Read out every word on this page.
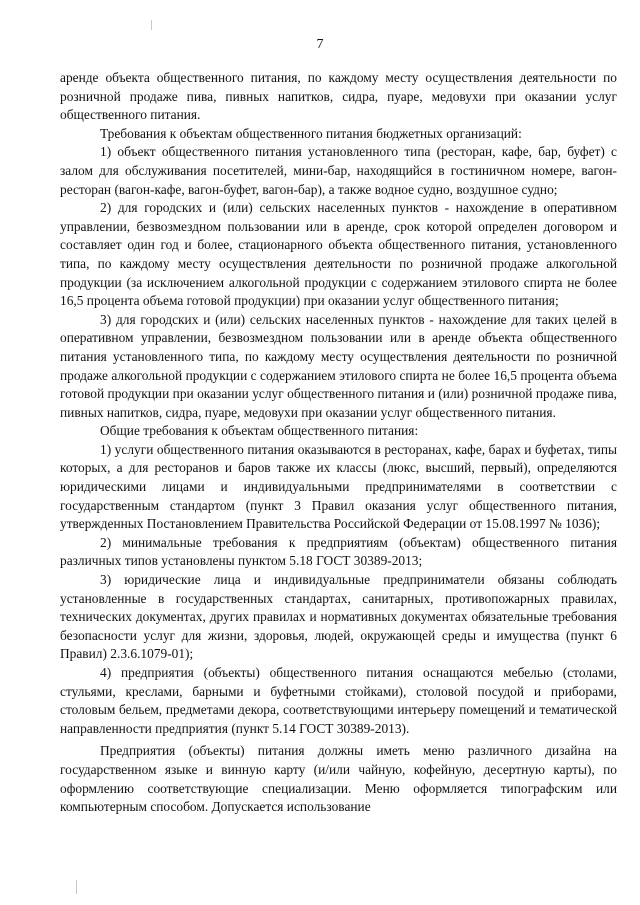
7

аренде объекта общественного питания, по каждому месту осуществления деятельности по розничной продаже пива, пивных напитков, сидра, пуаре, медовухи при оказании услуг общественного питания.

Требования к объектам общественного питания бюджетных организаций:

1) объект общественного питания установленного типа (ресторан, кафе, бар, буфет) с залом для обслуживания посетителей, мини-бар, находящийся в гостиничном номере, вагон-ресторан (вагон-кафе, вагон-буфет, вагон-бар), а также водное судно, воздушное судно;

2) для городских и (или) сельских населенных пунктов - нахождение в оперативном управлении, безвозмездном пользовании или в аренде, срок которой определен договором и составляет один год и более, стационарного объекта общественного питания, установленного типа, по каждому месту осуществления деятельности по розничной продаже алкогольной продукции (за исключением алкогольной продукции с содержанием этилового спирта не более 16,5 процента объема готовой продукции) при оказании услуг общественного питания;

3) для городских и (или) сельских населенных пунктов - нахождение для таких целей в оперативном управлении, безвозмездном пользовании или в аренде объекта общественного питания установленного типа, по каждому месту осуществления деятельности по розничной продаже алкогольной продукции с содержанием этилового спирта не более 16,5 процента объема готовой продукции при оказании услуг общественного питания и (или) розничной продаже пива, пивных напитков, сидра, пуаре, медовухи при оказании услуг общественного питания.

Общие требования к объектам общественного питания:

1) услуги общественного питания оказываются в ресторанах, кафе, барах и буфетах, типы которых, а для ресторанов и баров также их классы (люкс, высший, первый), определяются юридическими лицами и индивидуальными предпринимателями в соответствии с государственным стандартом (пункт 3 Правил оказания услуг общественного питания, утвержденных Постановлением Правительства Российской Федерации от 15.08.1997 № 1036);

2) минимальные требования к предприятиям (объектам) общественного питания различных типов установлены пунктом 5.18 ГОСТ 30389-2013;

3) юридические лица и индивидуальные предприниматели обязаны соблюдать установленные в государственных стандартах, санитарных, противопожарных правилах, технических документах, других правилах и нормативных документах обязательные требования безопасности услуг для жизни, здоровья, людей, окружающей среды и имущества (пункт 6 Правил) 2.3.6.1079-01);

4) предприятия (объекты) общественного питания оснащаются мебелью (столами, стульями, креслами, барными и буфетными стойками), столовой посудой и приборами, столовым бельем, предметами декора, соответствующими интерьеру помещений и тематической направленности предприятия (пункт 5.14 ГОСТ 30389-2013).

Предприятия (объекты) питания должны иметь меню различного дизайна на государственном языке и винную карту (и/или чайную, кофейную, десертную карты), по оформлению соответствующие специализации. Меню оформляется типографским или компьютерным способом. Допускается использование
